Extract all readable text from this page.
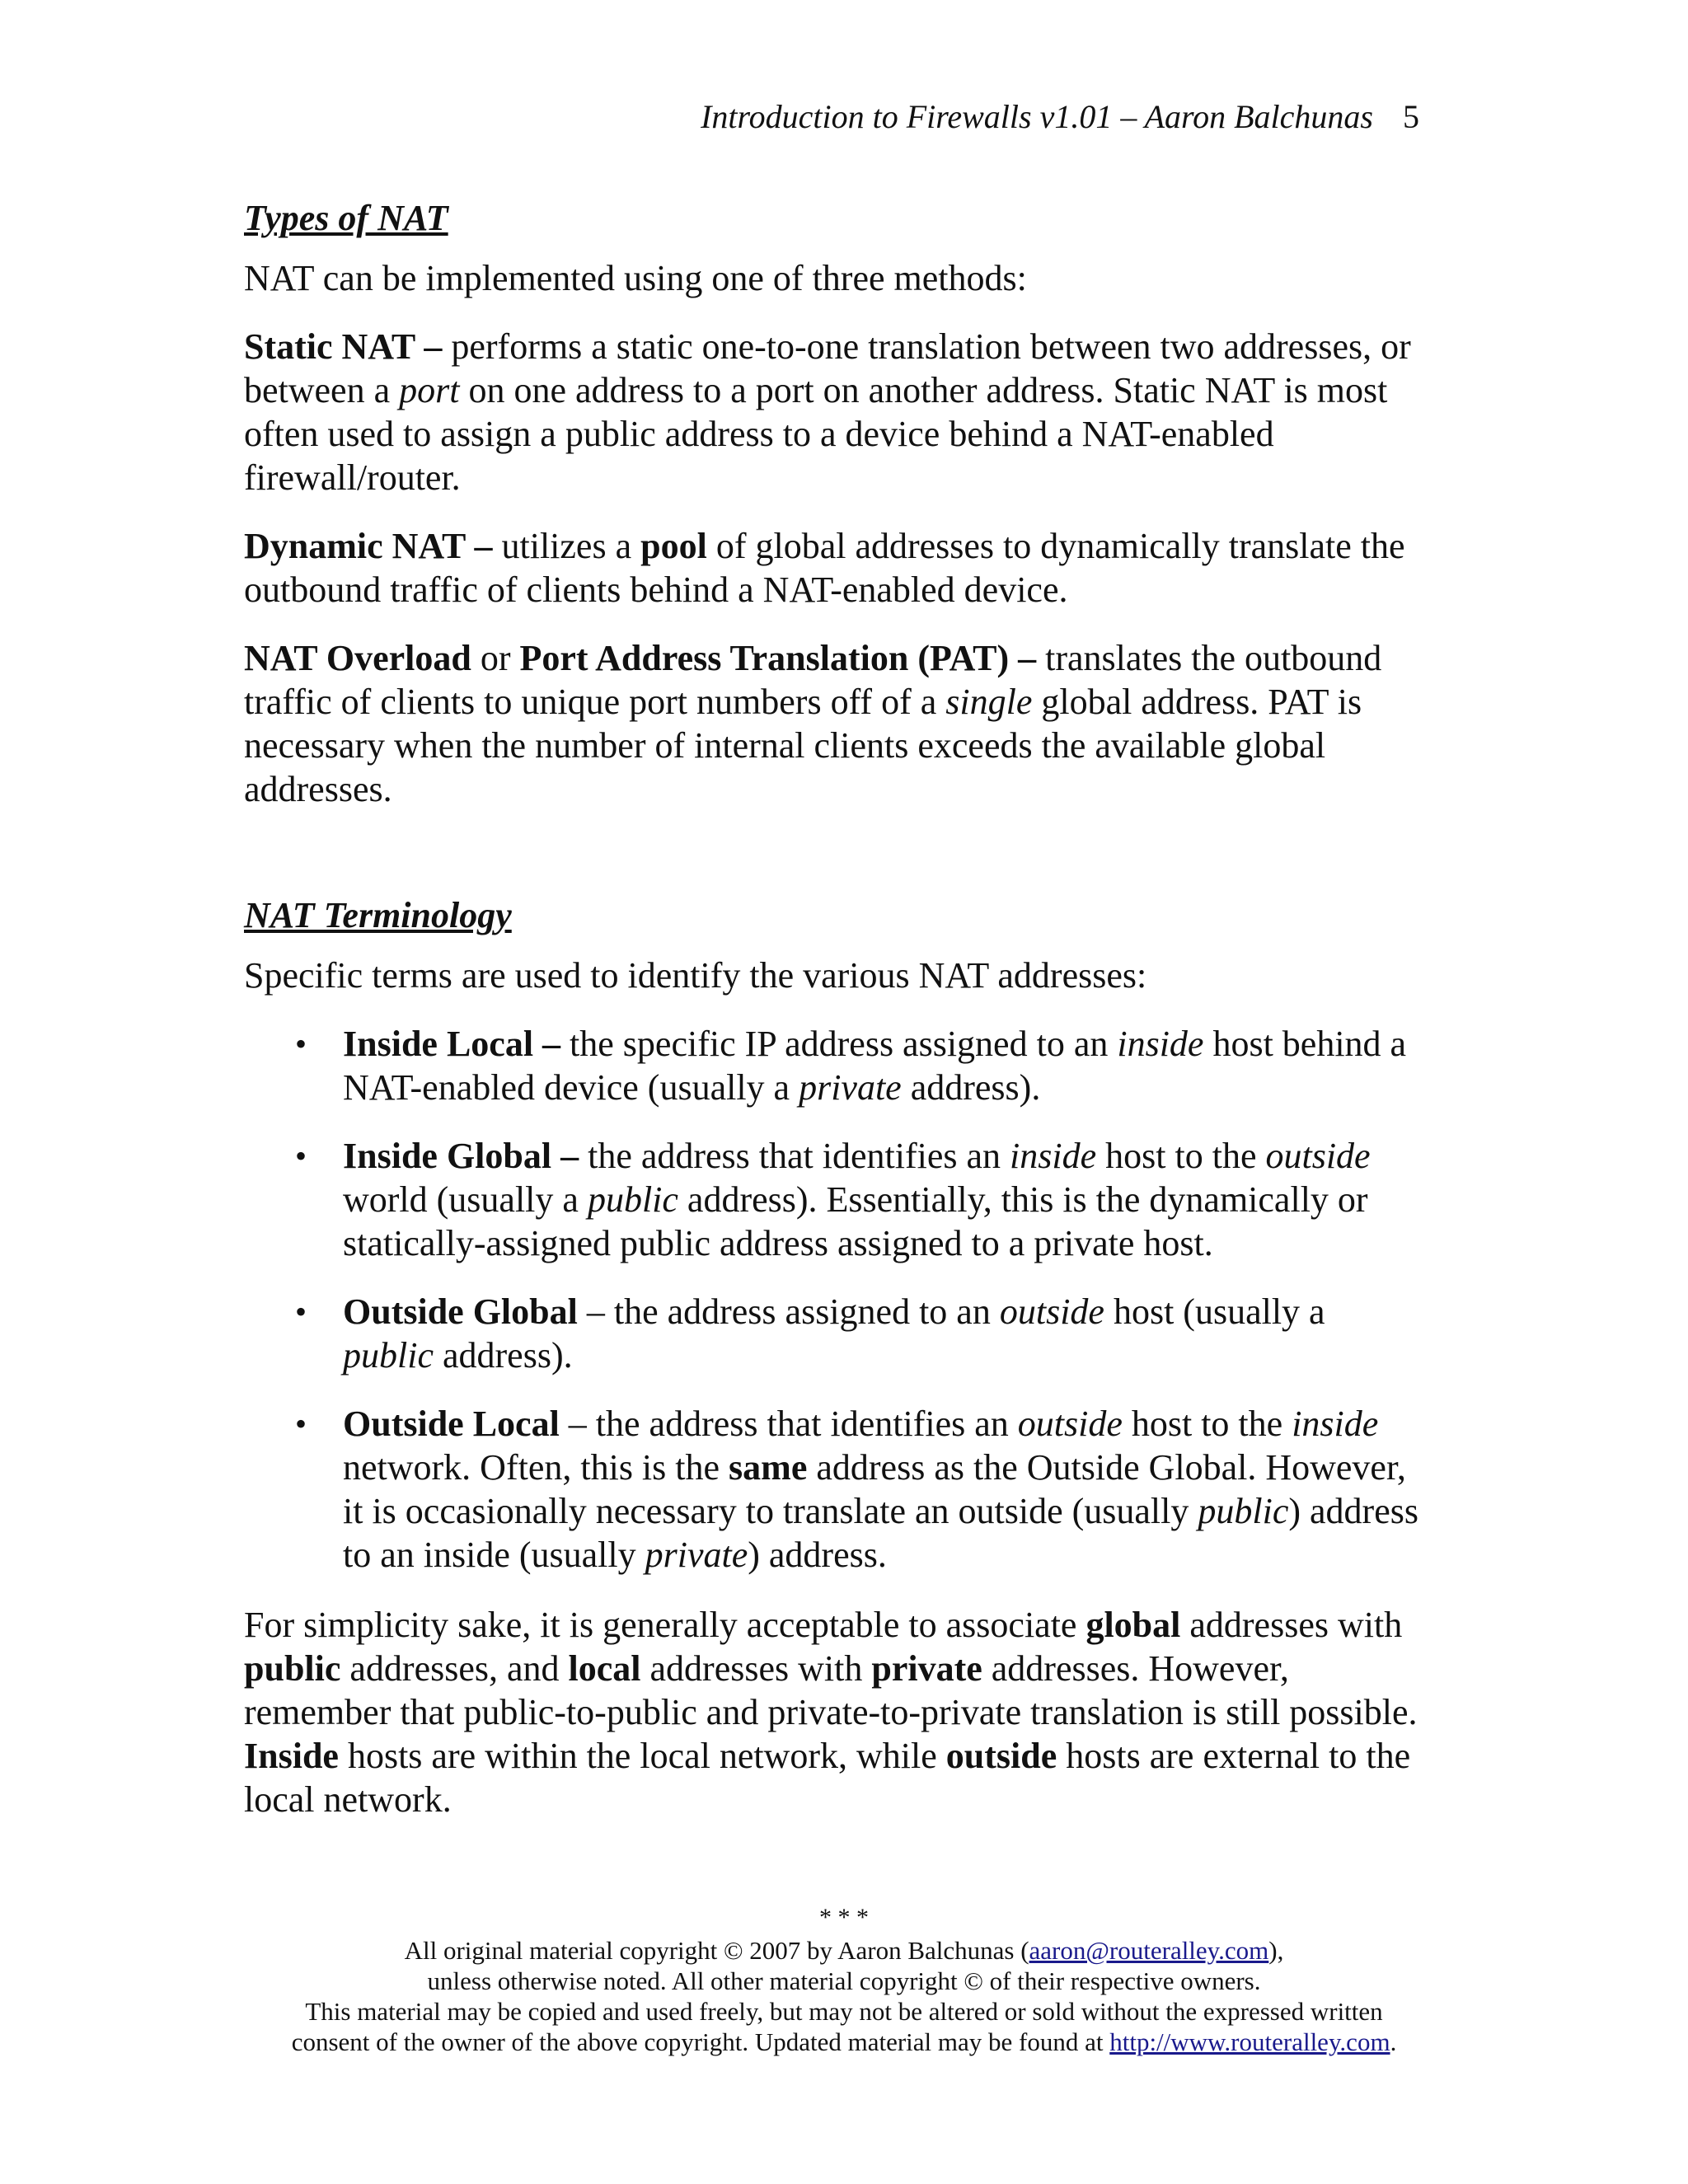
Introduction to Firewalls v1.01 – Aaron Balchunas 5
Types of NAT

NAT can be implemented using one of three methods:

Static NAT – performs a static one-to-one translation between two addresses, or between a port on one address to a port on another address. Static NAT is most often used to assign a public address to a device behind a NAT-enabled firewall/router.

Dynamic NAT – utilizes a pool of global addresses to dynamically translate the outbound traffic of clients behind a NAT-enabled device.

NAT Overload or Port Address Translation (PAT) – translates the outbound traffic of clients to unique port numbers off of a single global address. PAT is necessary when the number of internal clients exceeds the available global addresses.

NAT Terminology

Specific terms are used to identify the various NAT addresses:

• Inside Local – the specific IP address assigned to an inside host behind a NAT-enabled device (usually a private address).
• Inside Global – the address that identifies an inside host to the outside world (usually a public address). Essentially, this is the dynamically or statically-assigned public address assigned to a private host.
• Outside Global – the address assigned to an outside host (usually a public address).
• Outside Local – the address that identifies an outside host to the inside network. Often, this is the same address as the Outside Global. However, it is occasionally necessary to translate an outside (usually public) address to an inside (usually private) address.

For simplicity sake, it is generally acceptable to associate global addresses with public addresses, and local addresses with private addresses. However, remember that public-to-public and private-to-private translation is still possible. Inside hosts are within the local network, while outside hosts are external to the local network.

* * *
All original material copyright © 2007 by Aaron Balchunas (aaron@routeralley.com),
unless otherwise noted. All other material copyright © of their respective owners.
This material may be copied and used freely, but may not be altered or sold without the expressed written
consent of the owner of the above copyright. Updated material may be found at http://www.routeralley.com.
